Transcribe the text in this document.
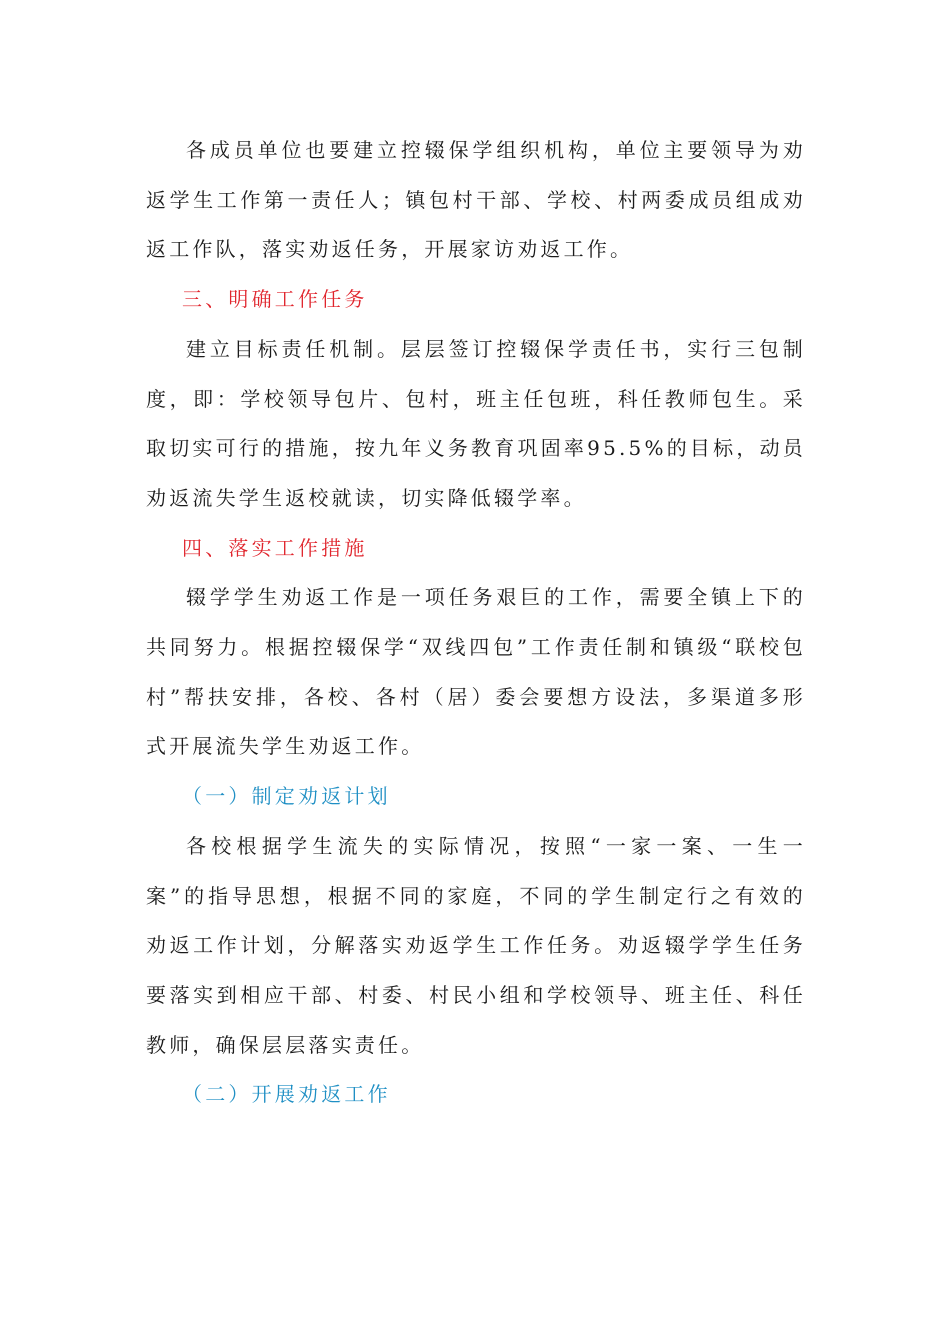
各成员单位也要建立控辍保学组织机构，单位主要领导为劝返学生工作第一责任人；镇包村干部、学校、村两委成员组成劝返工作队，落实劝返任务，开展家访劝返工作。

三、明确工作任务

建立目标责任机制。层层签订控辍保学责任书，实行三包制度，即：学校领导包片、包村，班主任包班，科任教师包生。采取切实可行的措施，按九年义务教育巩固率95.5%的目标，动员劝返流失学生返校就读，切实降低辍学率。

四、落实工作措施

辍学学生劝返工作是一项任务艰巨的工作，需要全镇上下的共同努力。根据控辍保学“双线四包”工作责任制和镇级“联校包村”帮扶安排，各校、各村（居）委会要想方设法，多渠道多形式开展流失学生劝返工作。

（一）制定劝返计划

各校根据学生流失的实际情况，按照“一家一案、一生一案”的指导思想，根据不同的家庭，不同的学生制定行之有效的劝返工作计划，分解落实劝返学生工作任务。劝返辍学学生任务要落实到相应干部、村委、村民小组和学校领导、班主任、科任教师，确保层层落实责任。

（二）开展劝返工作
